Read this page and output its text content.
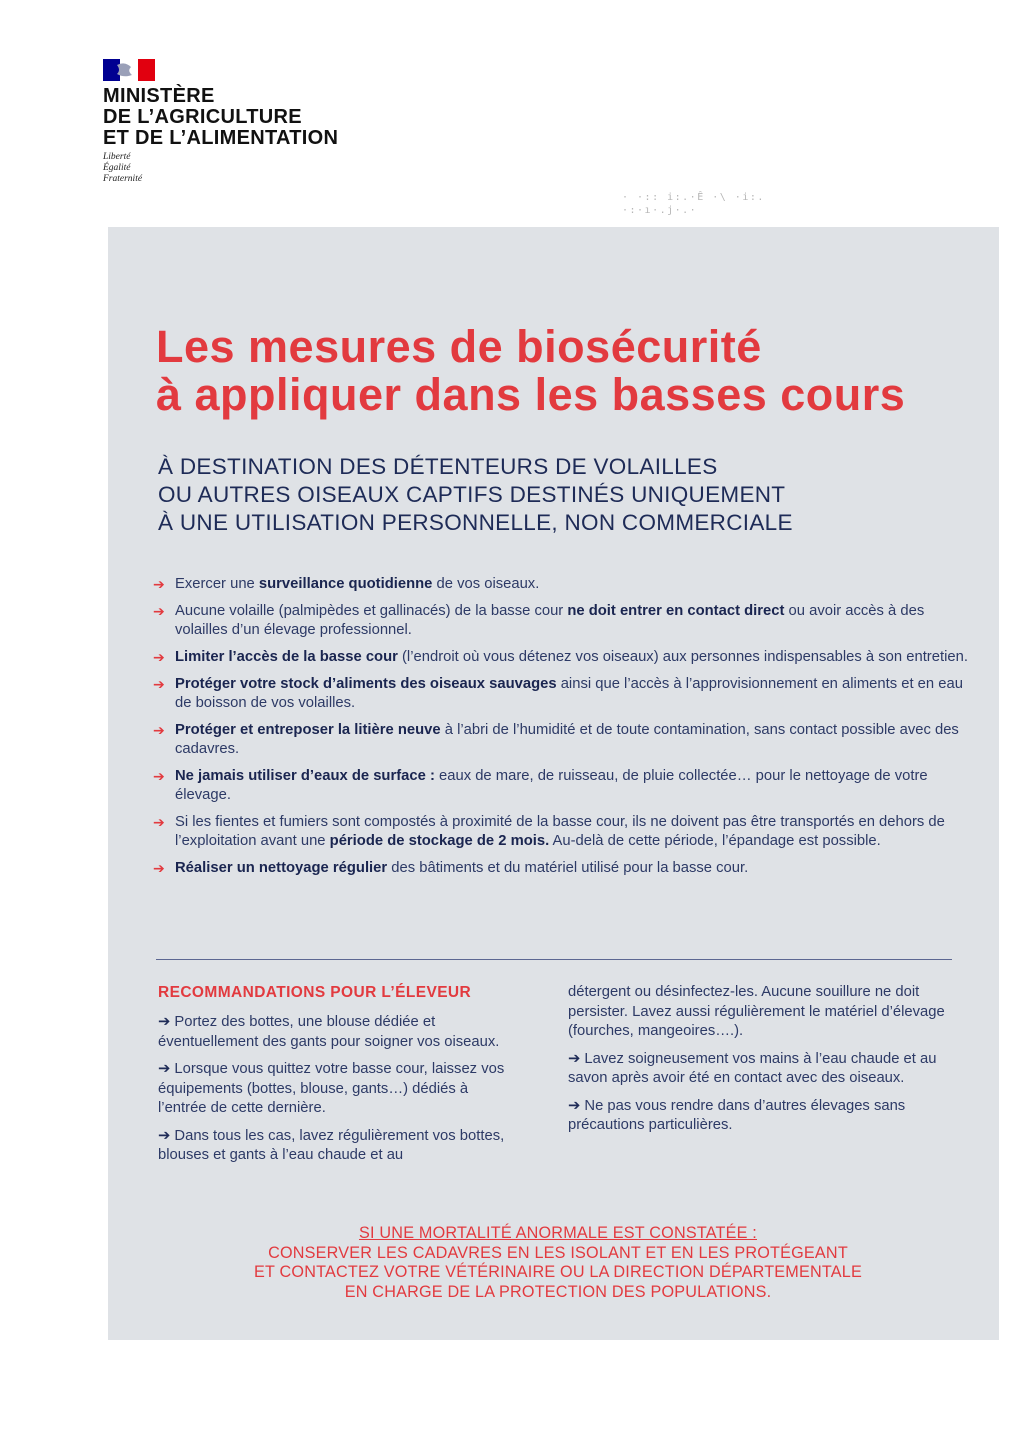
MINISTÈRE
DE L’AGRICULTURE
ET DE L’ALIMENTATION
Liberté
Égalité
Fraternité
· ·:: i:.·Ê ·\ ·i:.
·:·ı·.j·.·
Les mesures de biosécurité
à appliquer dans les basses cours
À DESTINATION DES DÉTENTEURS DE VOLAILLES
OU AUTRES OISEAUX CAPTIFS DESTINÉS UNIQUEMENT
À UNE UTILISATION PERSONNELLE, NON COMMERCIALE
➔ Exercer une surveillance quotidienne de vos oiseaux.
➔ Aucune volaille (palmipèdes et gallinacés) de la basse cour ne doit entrer en contact direct ou avoir accès à des volailles d’un élevage professionnel.
➔ Limiter l’accès de la basse cour (l’endroit où vous détenez vos oiseaux) aux personnes indispensables à son entretien.
➔ Protéger votre stock d’aliments des oiseaux sauvages ainsi que l’accès à l’approvisionnement en aliments et en eau de boisson de vos volailles.
➔ Protéger et entreposer la litière neuve à l’abri de l’humidité et de toute contamination, sans contact possible avec des cadavres.
➔ Ne jamais utiliser d’eaux de surface : eaux de mare, de ruisseau, de pluie collectée… pour le nettoyage de votre élevage.
➔ Si les fientes et fumiers sont compostés à proximité de la basse cour, ils ne doivent pas être transportés en dehors de l’exploitation avant une période de stockage de 2 mois. Au-delà de cette période, l’épandage est possible.
➔ Réaliser un nettoyage régulier des bâtiments et du matériel utilisé pour la basse cour.
RECOMMANDATIONS POUR L’ÉLEVEUR

➔ Portez des bottes, une blouse dédiée et éventuellement des gants pour soigner vos oiseaux.

➔ Lorsque vous quittez votre basse cour, laissez vos équipements (bottes, blouse, gants…) dédiés à l’entrée de cette dernière.

➔ Dans tous les cas, lavez régulièrement vos bottes, blouses et gants à l’eau chaude et au

détergent ou désinfectez-les. Aucune souillure ne doit persister. Lavez aussi régulièrement le matériel d’élevage (fourches, mangeoires….).

➔ Lavez soigneusement vos mains à l’eau chaude et au savon après avoir été en contact avec des oiseaux.

➔ Ne pas vous rendre dans d’autres élevages sans précautions particulières.

SI UNE MORTALITÉ ANORMALE EST CONSTATÉE :
CONSERVER LES CADAVRES EN LES ISOLANT ET EN LES PROTÉGEANT
ET CONTACTEZ VOTRE VÉTÉRINAIRE OU LA DIRECTION DÉPARTEMENTALE
EN CHARGE DE LA PROTECTION DES POPULATIONS.
